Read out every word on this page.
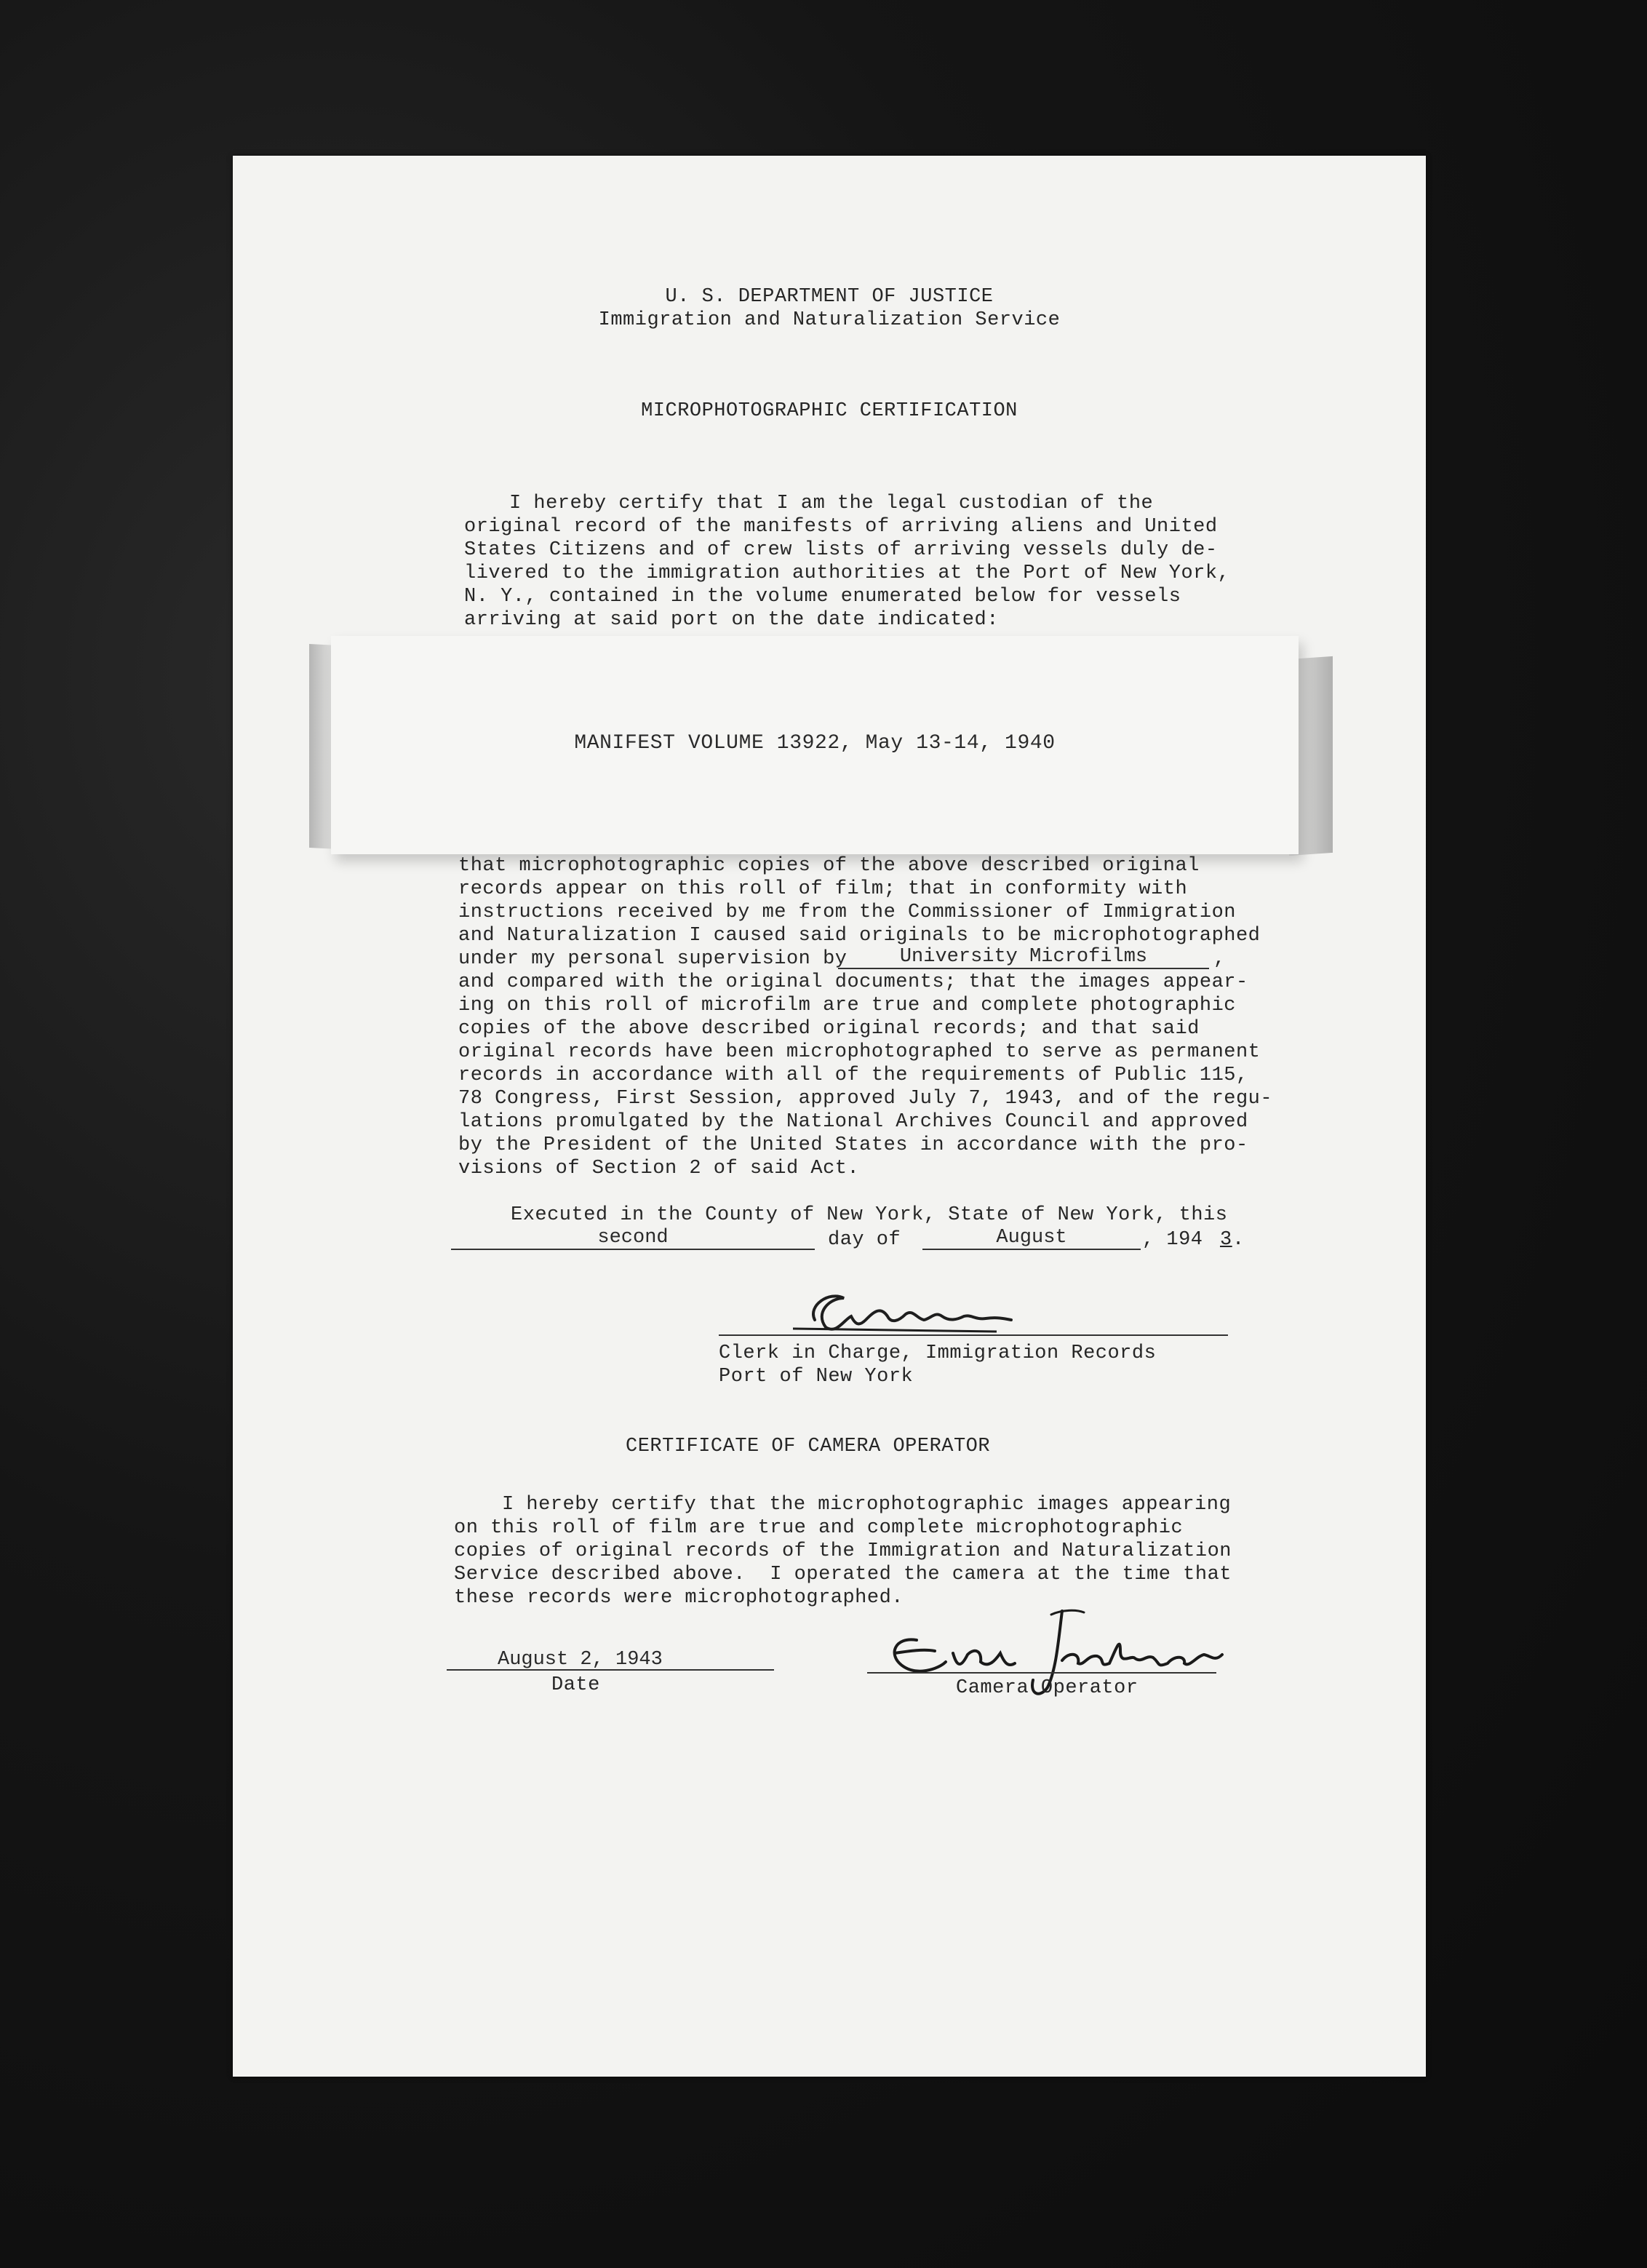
U. S. DEPARTMENT OF JUSTICE
Immigration and Naturalization Service
MICROPHOTOGRAPHIC CERTIFICATION
I hereby certify that I am the legal custodian of the
original record of the manifests of arriving aliens and United
States Citizens and of crew lists of arriving vessels duly de-
livered to the immigration authorities at the Port of New York,
N. Y., contained in the volume enumerated below for vessels
arriving at said port on the date indicated:
MANIFEST VOLUME 13922, May 13-14, 1940
that microphotographic copies of the above described original
records appear on this roll of film; that in conformity with
instructions received by me from the Commissioner of Immigration
and Naturalization I caused said originals to be microphotographed
under my personal supervision by	University Microfilms	,
and compared with the original documents; that the images appear-
ing on this roll of microfilm are true and complete photographic
copies of the above described original records; and that said
original records have been microphotographed to serve as permanent
records in accordance with all of the requirements of Public 115,
78 Congress, First Session, approved July 7, 1943, and of the regu-
lations promulgated by the National Archives Council and approved
by the President of the United States in accordance with the pro-
visions of Section 2 of said Act.
Executed in the County of New York, State of New York, this
second	day of	August	, 194 3 .
Clerk in Charge, Immigration Records
Port of New York
CERTIFICATE OF CAMERA OPERATOR
I hereby certify that the microphotographic images appearing
on this roll of film are true and complete microphotographic
copies of original records of the Immigration and Naturalization
Service described above.  I operated the camera at the time that
these records were microphotographed.
August 2, 1943
Date	Camera Operator
